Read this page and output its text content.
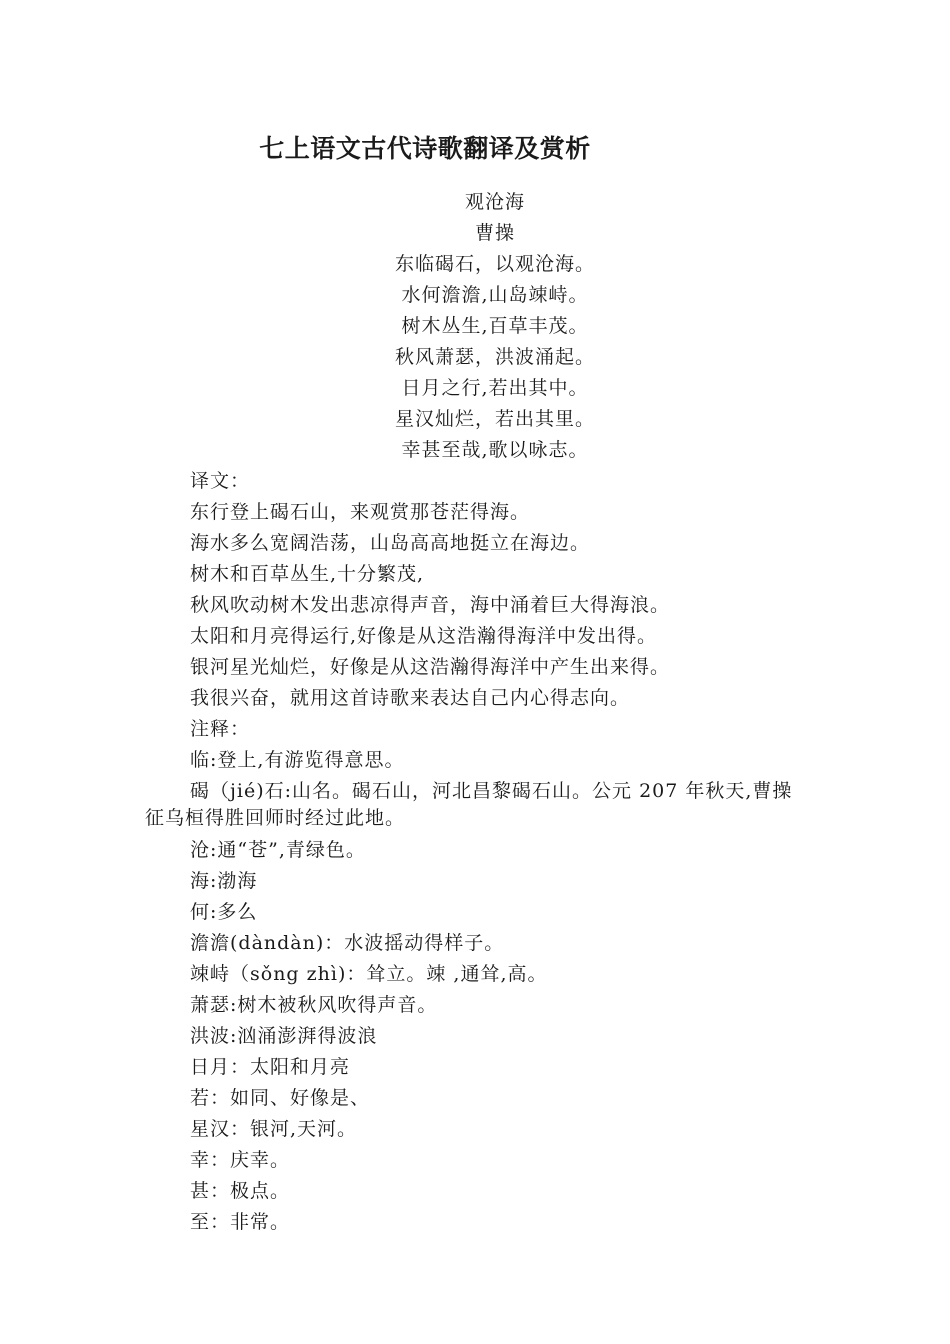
七上语文古代诗歌翻译及赏析
观沧海
曹操
东临碣石，以观沧海。
水何澹澹,山岛竦峙。
树木丛生,百草丰茂。
秋风萧瑟，洪波涌起。
日月之行,若出其中。
星汉灿烂，若出其里。
幸甚至哉,歌以咏志。
译文：
东行登上碣石山，来观赏那苍茫得海。
海水多么宽阔浩荡，山岛高高地挺立在海边。
树木和百草丛生,十分繁茂,
秋风吹动树木发出悲凉得声音，海中涌着巨大得海浪。
太阳和月亮得运行,好像是从这浩瀚得海洋中发出得。
银河星光灿烂，好像是从这浩瀚得海洋中产生出来得。
我很兴奋，就用这首诗歌来表达自己内心得志向。
注释：
临:登上,有游览得意思。
碣（jié)石:山名。碣石山，河北昌黎碣石山。公元 207 年秋天,曹操征乌桓得胜回师时经过此地。
沧:通“苍”,青绿色。
海:渤海
何:多么
澹澹(dàndàn)：水波摇动得样子。
竦峙（sǒng zhì)：耸立。竦 ,通耸,高。
萧瑟:树木被秋风吹得声音。
洪波:汹涌澎湃得波浪
日月：太阳和月亮
若：如同、好像是、
星汉：银河,天河。
幸：庆幸。
甚：极点。
至：非常。
